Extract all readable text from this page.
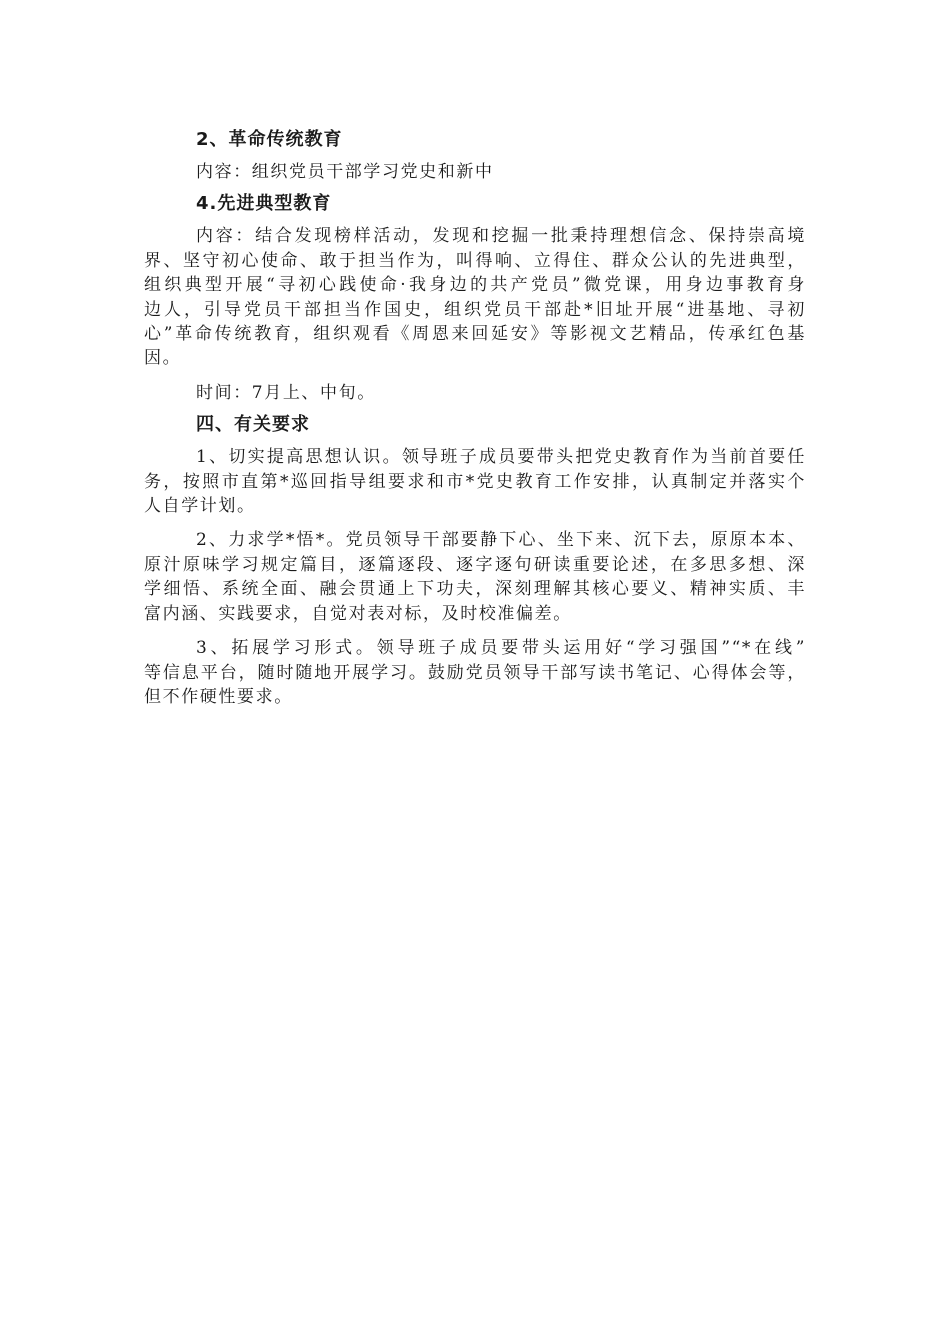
2、革命传统教育
内容：组织党员干部学习党史和新中
4.先进典型教育
内容：结合发现榜样活动，发现和挖掘一批秉持理想信念、保持崇高境
界、坚守初心使命、敢于担当作为，叫得响、立得住、群众公认的先进典型，
组织典型开展“寻初心践使命·我身边的共产党员”微党课，用身边事教育身
边人，引导党员干部担当作国史，组织党员干部赴*旧址开展“进基地、寻初
心”革命传统教育，组织观看《周恩来回延安》等影视文艺精品，传承红色基
因。
时间：7月上、中旬。
四、有关要求
1、切实提高思想认识。领导班子成员要带头把党史教育作为当前首要任
务，按照市直第*巡回指导组要求和市*党史教育工作安排，认真制定并落实个
人自学计划。
2、力求学*悟*。党员领导干部要静下心、坐下来、沉下去，原原本本、
原汁原味学习规定篇目，逐篇逐段、逐字逐句研读重要论述，在多思多想、深
学细悟、系统全面、融会贯通上下功夫，深刻理解其核心要义、精神实质、丰
富内涵、实践要求，自觉对表对标，及时校准偏差。
3、拓展学习形式。领导班子成员要带头运用好“学习强国”“*在线”
等信息平台，随时随地开展学习。鼓励党员领导干部写读书笔记、心得体会等，
但不作硬性要求。
